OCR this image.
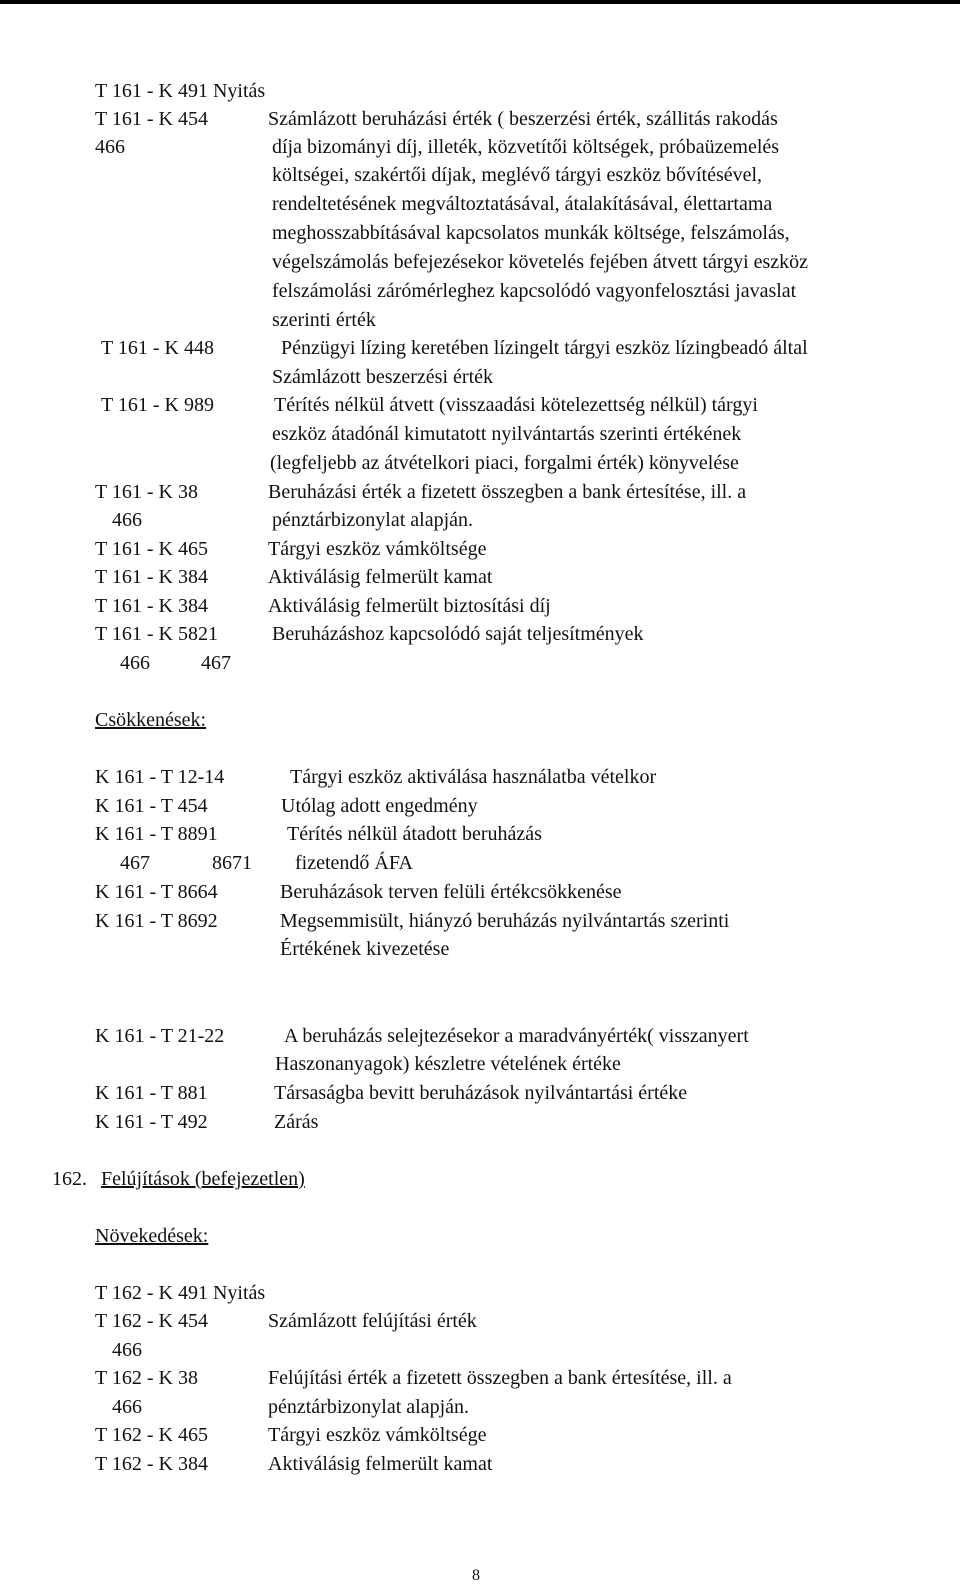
T 161 - K 491 Nyitás
T 161 - K 454	Számlázott beruházási érték ( beszerzési érték, szállitás rakodás
466	díja bizományi díj, illeték, közvetítői költségek, próbaüzemelés
költségei, szakértői díjak, meglévő tárgyi eszköz bővítésével,
rendeltetésének megváltoztatásával, átalakításával, élettartama
meghosszabbításával kapcsolatos munkák költsége, felszámolás,
végelszámolás befejezésekor követelés fejében átvett tárgyi eszköz
felszámolási zárómérleghez kapcsolódó vagyonfelosztási javaslat
szerinti érték
T 161 - K 448	Pénzügyi lízing keretében lízingelt tárgyi eszköz lízingbeadó által
Számlázott beszerzési érték
T 161 - K 989	Térítés nélkül átvett (visszaadási kötelezettség nélkül) tárgyi
eszköz átadónál kimutatott nyilvántartás szerinti értékének
(legfeljebb az átvételkori piaci, forgalmi érték) könyvelése
T 161 - K 38	Beruházási érték a fizetett összegben a bank értesítése, ill. a
466	pénztárbizonylat alapján.
T 161 - K 465	Tárgyi eszköz vámköltsége
T 161 - K 384	Aktiválásig felmerült kamat
T 161 - K 384	Aktiválásig felmerült biztosítási díj
T 161 - K 5821	Beruházáshoz kapcsolódó saját teljesítmények
466	467
Csökkenések:
K 161 - T 12-14	Tárgyi eszköz aktiválása használatba vételkor
K 161 - T 454	Utólag adott engedmény
K 161 - T 8891	Térítés nélkül átadott beruházás
467	8671 fizetendő ÁFA
K 161 - T 8664	Beruházások terven felüli értékcsökkenése
K 161 - T 8692	Megsemmisült, hiányzó beruházás nyilvántartás szerinti
Értékének kivezetése
K 161 - T 21-22	A beruházás selejtezésekor a maradványérték( visszanyert
Haszonanyagok) készletre vételének értéke
K 161 - T 881	Társaságba bevitt beruházások nyilvántartási értéke
K 161 - T 492	Zárás
162. Felújítások (befejezetlen)
Növekedések:
T 162 - K 491 Nyitás
T 162 - K 454	Számlázott felújítási érték
466
T 162 - K 38	Felújítási érték a fizetett összegben a bank értesítése, ill. a
466	pénztárbizonylat alapján.
T 162 - K 465	Tárgyi eszköz vámköltsége
T 162 - K 384	Aktiválásig felmerült kamat
8
